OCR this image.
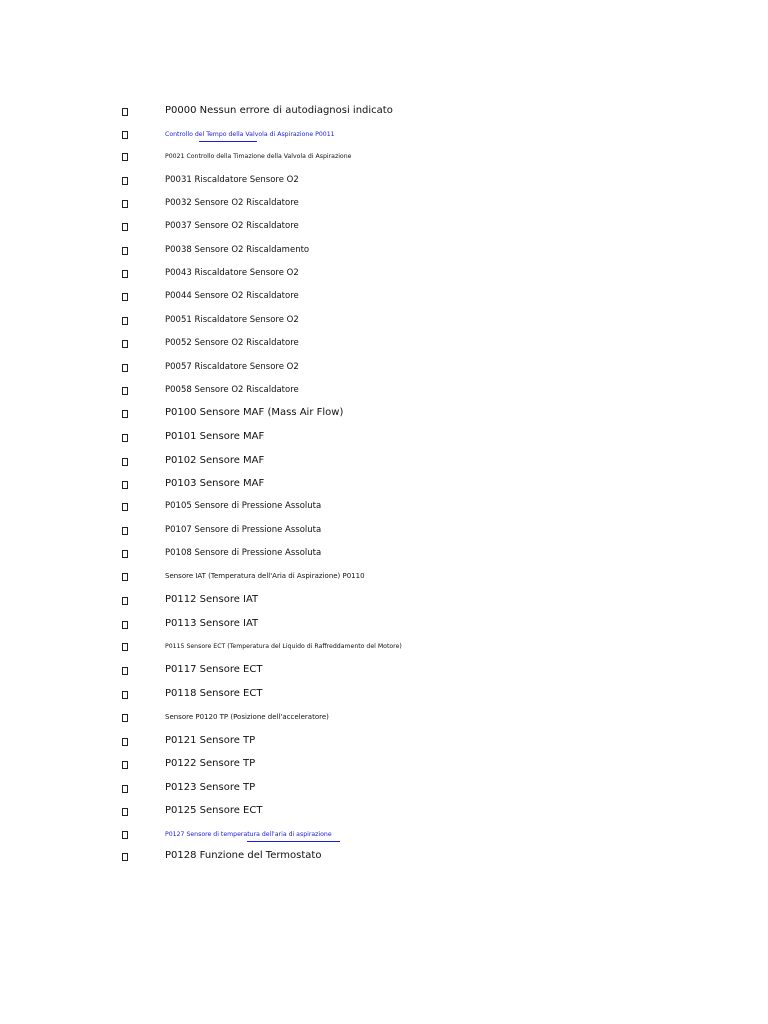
P0000 Nessun errore di autodiagnosi indicato
Controllo del Tempo della Valvola di Aspirazione P0011
P0021 Controllo della Timazione della Valvola di Aspirazione
P0031 Riscaldatore Sensore O2
P0032 Sensore O2 Riscaldatore
P0037 Sensore O2 Riscaldatore
P0038 Sensore O2 Riscaldamento
P0043 Riscaldatore Sensore O2
P0044 Sensore O2 Riscaldatore
P0051 Riscaldatore Sensore O2
P0052 Sensore O2 Riscaldatore
P0057 Riscaldatore Sensore O2
P0058 Sensore O2 Riscaldatore
P0100 Sensore MAF (Mass Air Flow)
P0101 Sensore MAF
P0102 Sensore MAF
P0103 Sensore MAF
P0105 Sensore di Pressione Assoluta
P0107 Sensore di Pressione Assoluta
P0108 Sensore di Pressione Assoluta
Sensore IAT (Temperatura dell'Aria di Aspirazione) P0110
P0112 Sensore IAT
P0113 Sensore IAT
P0115 Sensore ECT (Temperatura del Liquido di Raffreddamento del Motore)
P0117 Sensore ECT
P0118 Sensore ECT
Sensore P0120 TP (Posizione dell'acceleratore)
P0121 Sensore TP
P0122 Sensore TP
P0123 Sensore TP
P0125 Sensore ECT
P0127 Sensore di temperatura dell'aria di aspirazione
P0128 Funzione del Termostato
